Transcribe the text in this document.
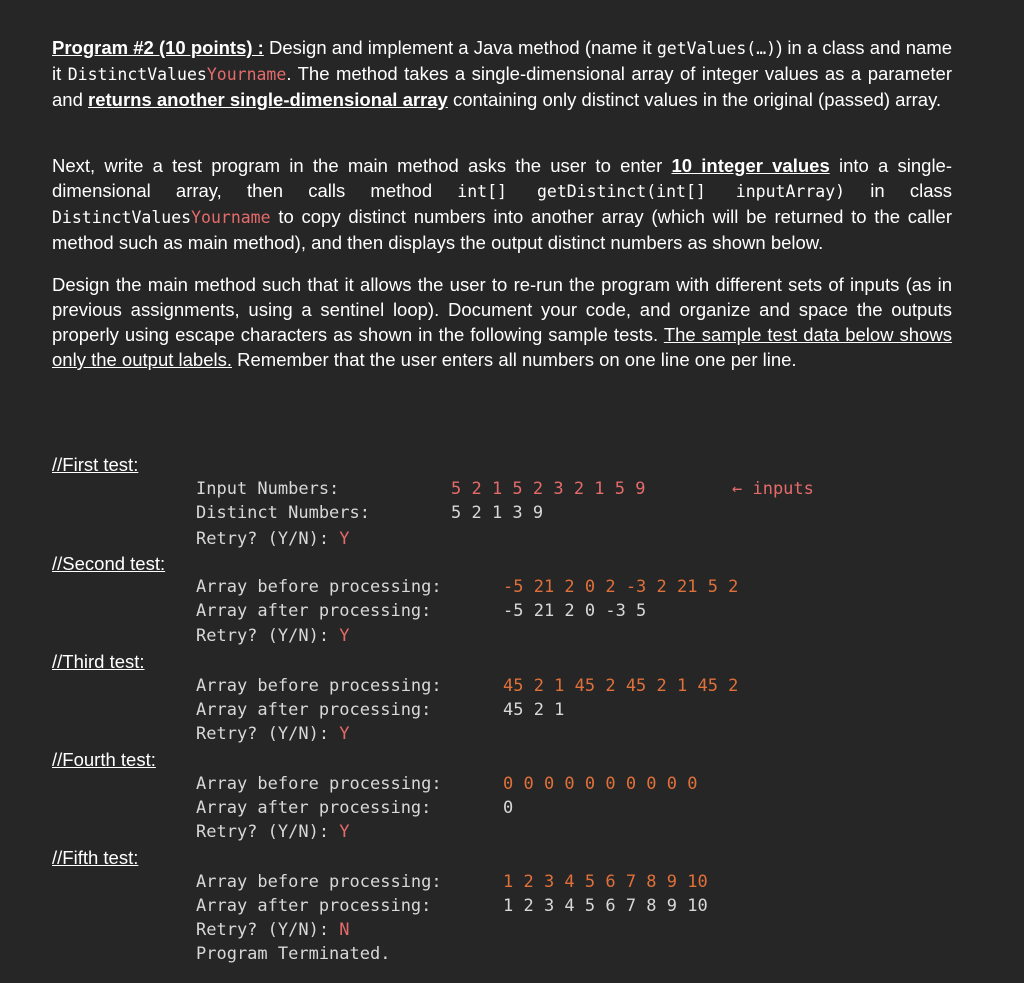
Program #2 (10 points) : Design and implement a Java method (name it getValues(…)) in a class and name it DistinctValuesYourname. The method takes a single-dimensional array of integer values as a parameter and returns another single-dimensional array containing only distinct values in the original (passed) array.

Next, write a test program in the main method asks the user to enter 10 integer values into a single-dimensional array, then calls method int[] getDistinct(int[] inputArray) in class DistinctValuesYourname to copy distinct numbers into another array (which will be returned to the caller method such as main method), and then displays the output distinct numbers as shown below.

Design the main method such that it allows the user to re-run the program with different sets of inputs (as in previous assignments, using a sentinel loop). Document your code, and organize and space the outputs properly using escape characters as shown in the following sample tests. The sample test data below shows only the output labels. Remember that the user enters all numbers on one line one per line.

//First test:
Input Numbers:	5 2 1 5 2 3 2 1 5 9	← inputs
Distinct Numbers:	5 2 1 3 9
Retry? (Y/N): Y
//Second test:
Array before processing:	-5 21 2 0 2 -3 2 21 5 2
Array after processing:	-5 21 2 0 -3 5
Retry? (Y/N): Y
//Third test:
Array before processing:	45 2 1 45 2 45 2 1 45 2
Array after processing:	45 2 1
Retry? (Y/N): Y
//Fourth test:
Array before processing:	0 0 0 0 0 0 0 0 0 0
Array after processing:	0
Retry? (Y/N): Y
//Fifth test:
Array before processing:	1 2 3 4 5 6 7 8 9 10
Array after processing:	1 2 3 4 5 6 7 8 9 10
Retry? (Y/N): N
Program Terminated.
